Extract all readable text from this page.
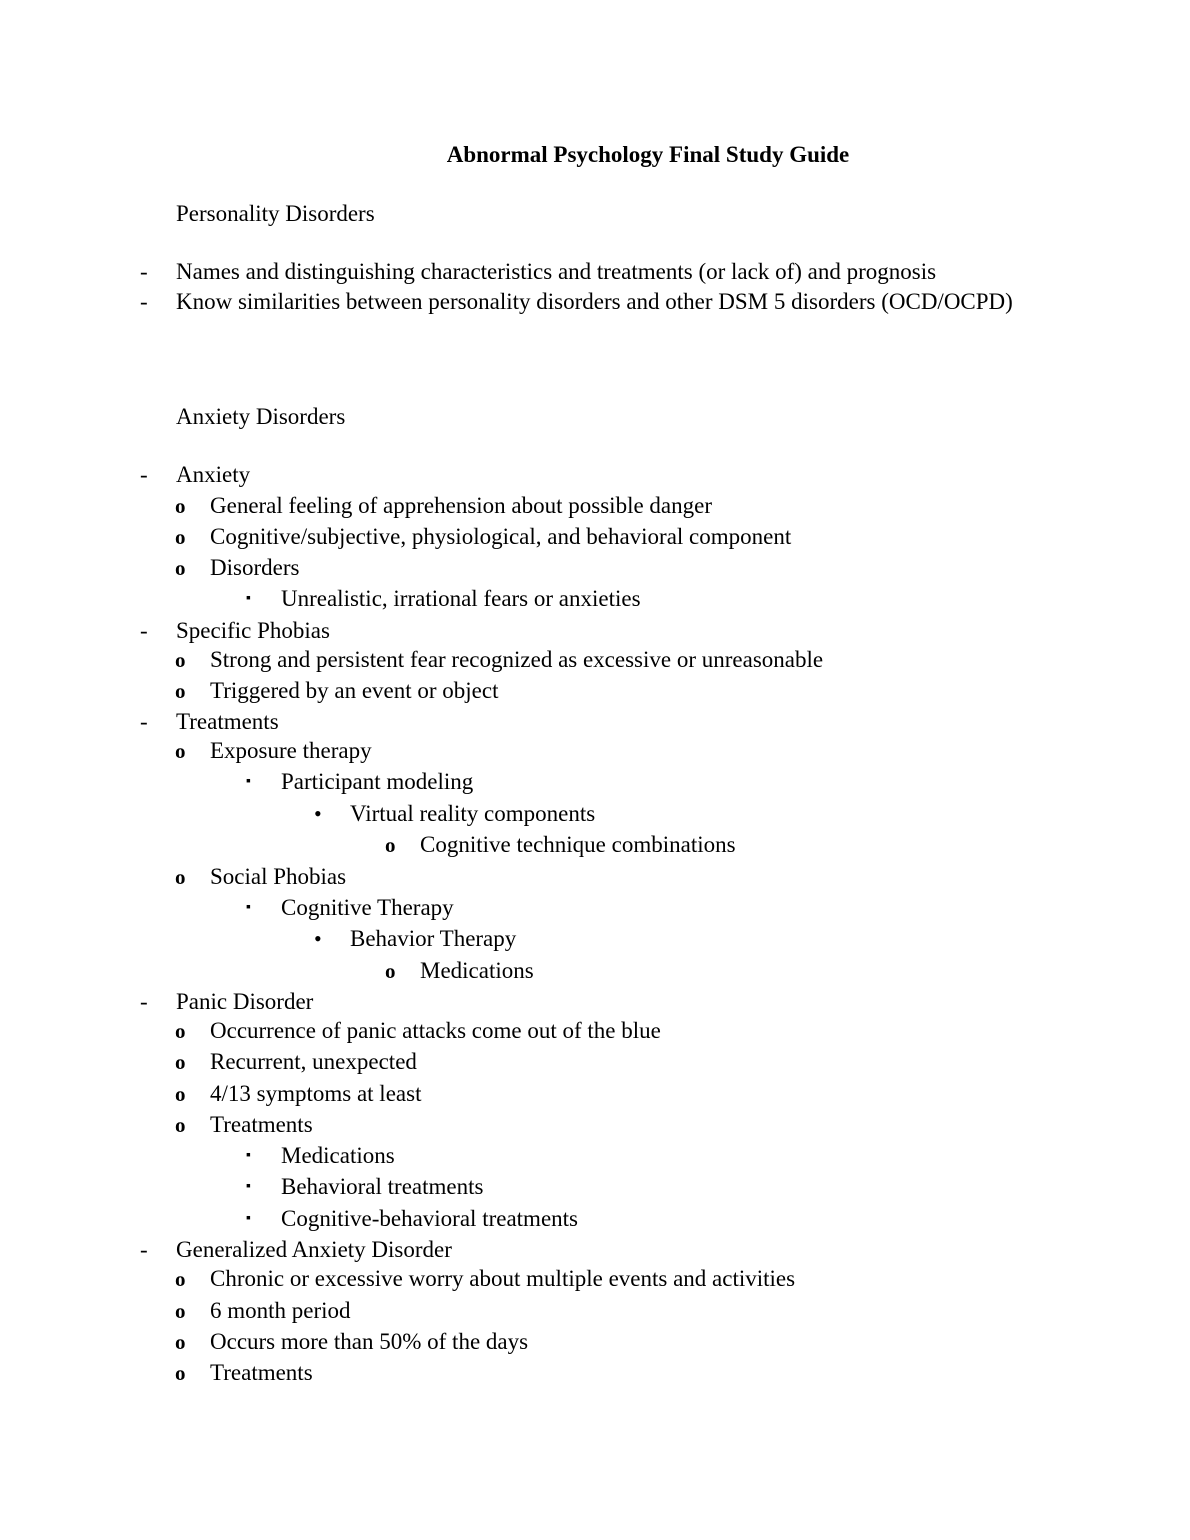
Abnormal Psychology Final Study Guide
Personality Disorders
- Names and distinguishing characteristics and treatments (or lack of) and prognosis
- Know similarities between personality disorders and other DSM 5 disorders (OCD/OCPD)
Anxiety Disorders
- Anxiety
o General feeling of apprehension about possible danger
o Cognitive/subjective, physiological, and behavioral component
o Disorders
▪ Unrealistic, irrational fears or anxieties
- Specific Phobias
o Strong and persistent fear recognized as excessive or unreasonable
o Triggered by an event or object
- Treatments
o Exposure therapy
▪ Participant modeling
• Virtual reality components
o Cognitive technique combinations
o Social Phobias
▪ Cognitive Therapy
• Behavior Therapy
o Medications
- Panic Disorder
o Occurrence of panic attacks come out of the blue
o Recurrent, unexpected
o 4/13 symptoms at least
o Treatments
▪ Medications
▪ Behavioral treatments
▪ Cognitive-behavioral treatments
- Generalized Anxiety Disorder
o Chronic or excessive worry about multiple events and activities
o 6 month period
o Occurs more than 50% of the days
o Treatments
